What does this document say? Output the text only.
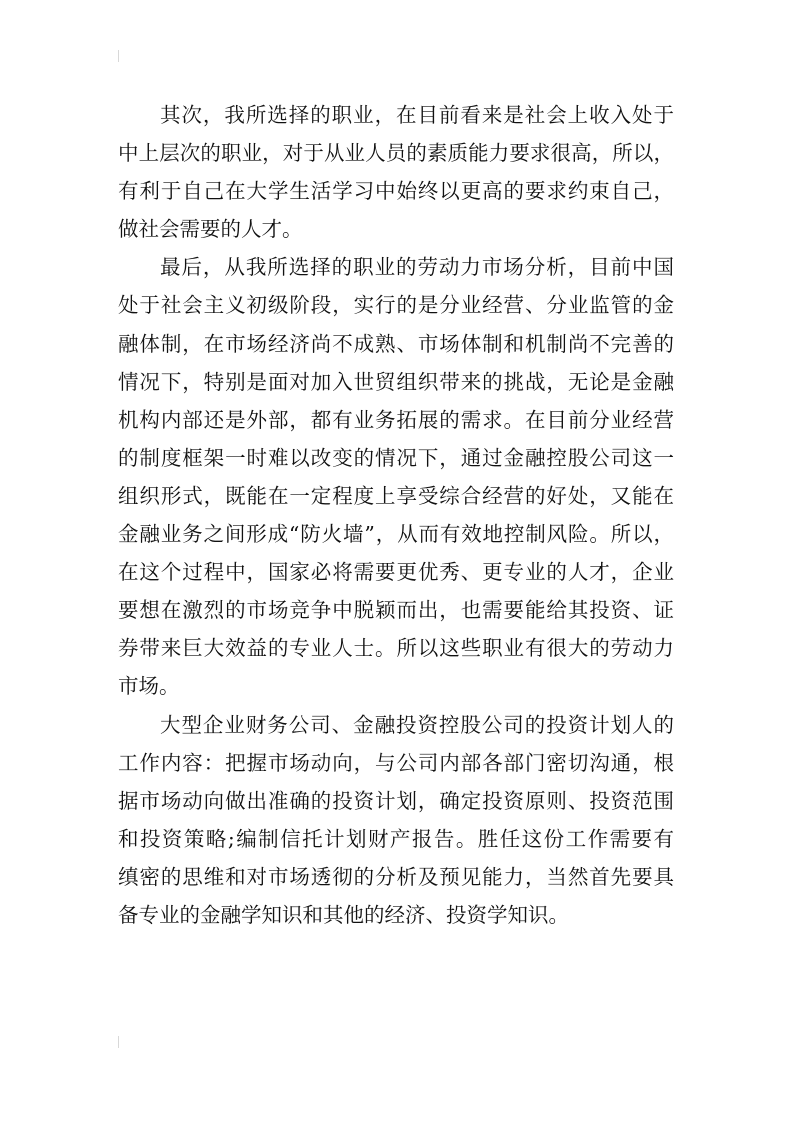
其次，我所选择的职业，在目前看来是社会上收入处于
中上层次的职业，对于从业人员的素质能力要求很高，所以，
有利于自己在大学生活学习中始终以更高的要求约束自己，
做社会需要的人才。
最后，从我所选择的职业的劳动力市场分析，目前中国
处于社会主义初级阶段，实行的是分业经营、分业监管的金
融体制，在市场经济尚不成熟、市场体制和机制尚不完善的
情况下，特别是面对加入世贸组织带来的挑战，无论是金融
机构内部还是外部，都有业务拓展的需求。在目前分业经营
的制度框架一时难以改变的情况下，通过金融控股公司这一
组织形式，既能在一定程度上享受综合经营的好处，又能在
金融业务之间形成“防火墙”，从而有效地控制风险。所以，
在这个过程中，国家必将需要更优秀、更专业的人才，企业
要想在激烈的市场竞争中脱颖而出，也需要能给其投资、证
券带来巨大效益的专业人士。所以这些职业有很大的劳动力
市场。
大型企业财务公司、金融投资控股公司的投资计划人的
工作内容：把握市场动向，与公司内部各部门密切沟通，根
据市场动向做出准确的投资计划，确定投资原则、投资范围
和投资策略;编制信托计划财产报告。胜任这份工作需要有
缜密的思维和对市场透彻的分析及预见能力，当然首先要具
备专业的金融学知识和其他的经济、投资学知识。
